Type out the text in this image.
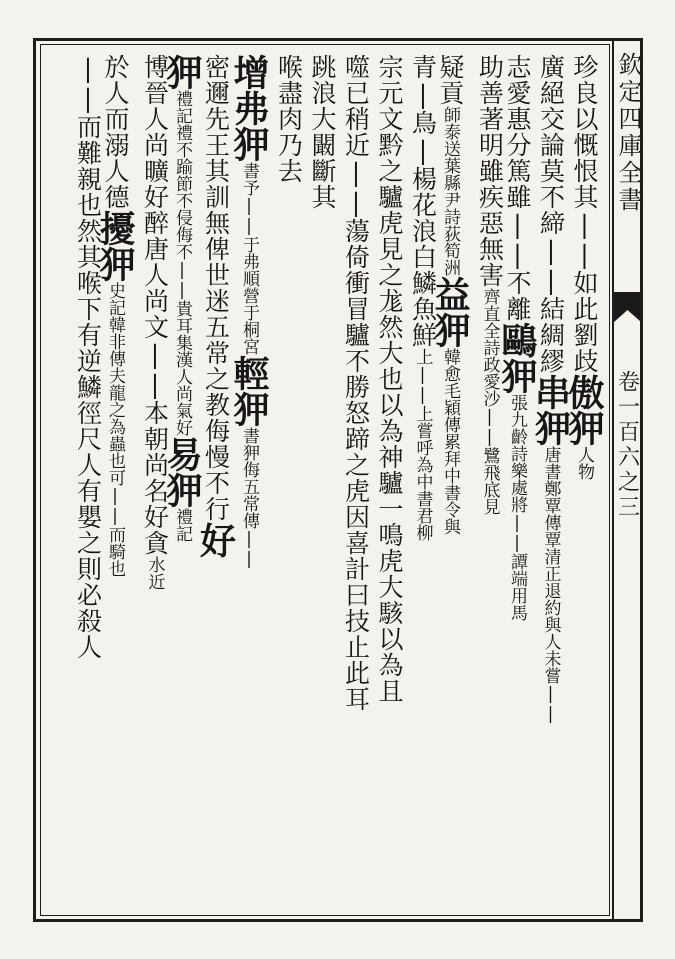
欽定四庫全書
卷一百六之三
珍良以慨恨其||如此劉歧傲狎人物
廣絕交論莫不締||結綢繆串狎唐書鄭覃傳覃清正退約與人未嘗||
志愛惠分篤雖||不離鷗狎張九齡詩樂處將||譚端用馬
助善著明雖疾惡無害齊直全詩政愛沙||鷺飛底見
疑貢師泰送葉縣尹詩荻筍洲益狎韓愈毛穎傳累拜中書令與
青|鳥|楊花浪白鱗魚鮮上||上嘗呼為中書君柳
宗元文黔之驢虎見之尨然大也以為神驢一鳴虎大駭以為且
噬已稍近||蕩倚衝冒驢不勝怒蹄之虎因喜計曰技止此耳
跳浪大闞斷其
喉盡肉乃去
增弗狎書予||于弗順營于桐宮輕狎書狎侮五常傳||
密邇先王其訓無俾世迷五常之教侮慢不行好
狎禮記禮不踰節不侵侮不||貴耳集漢人尚氣好易狎禮記
博晉人尚曠好醉唐人尚文||本朝尚名好貪水近
於人而溺人德擾狎史記韓非傳夫龍之為蟲也可||而騎也
||而難親也然其喉下有逆鱗徑尺人有嬰之則必殺人
